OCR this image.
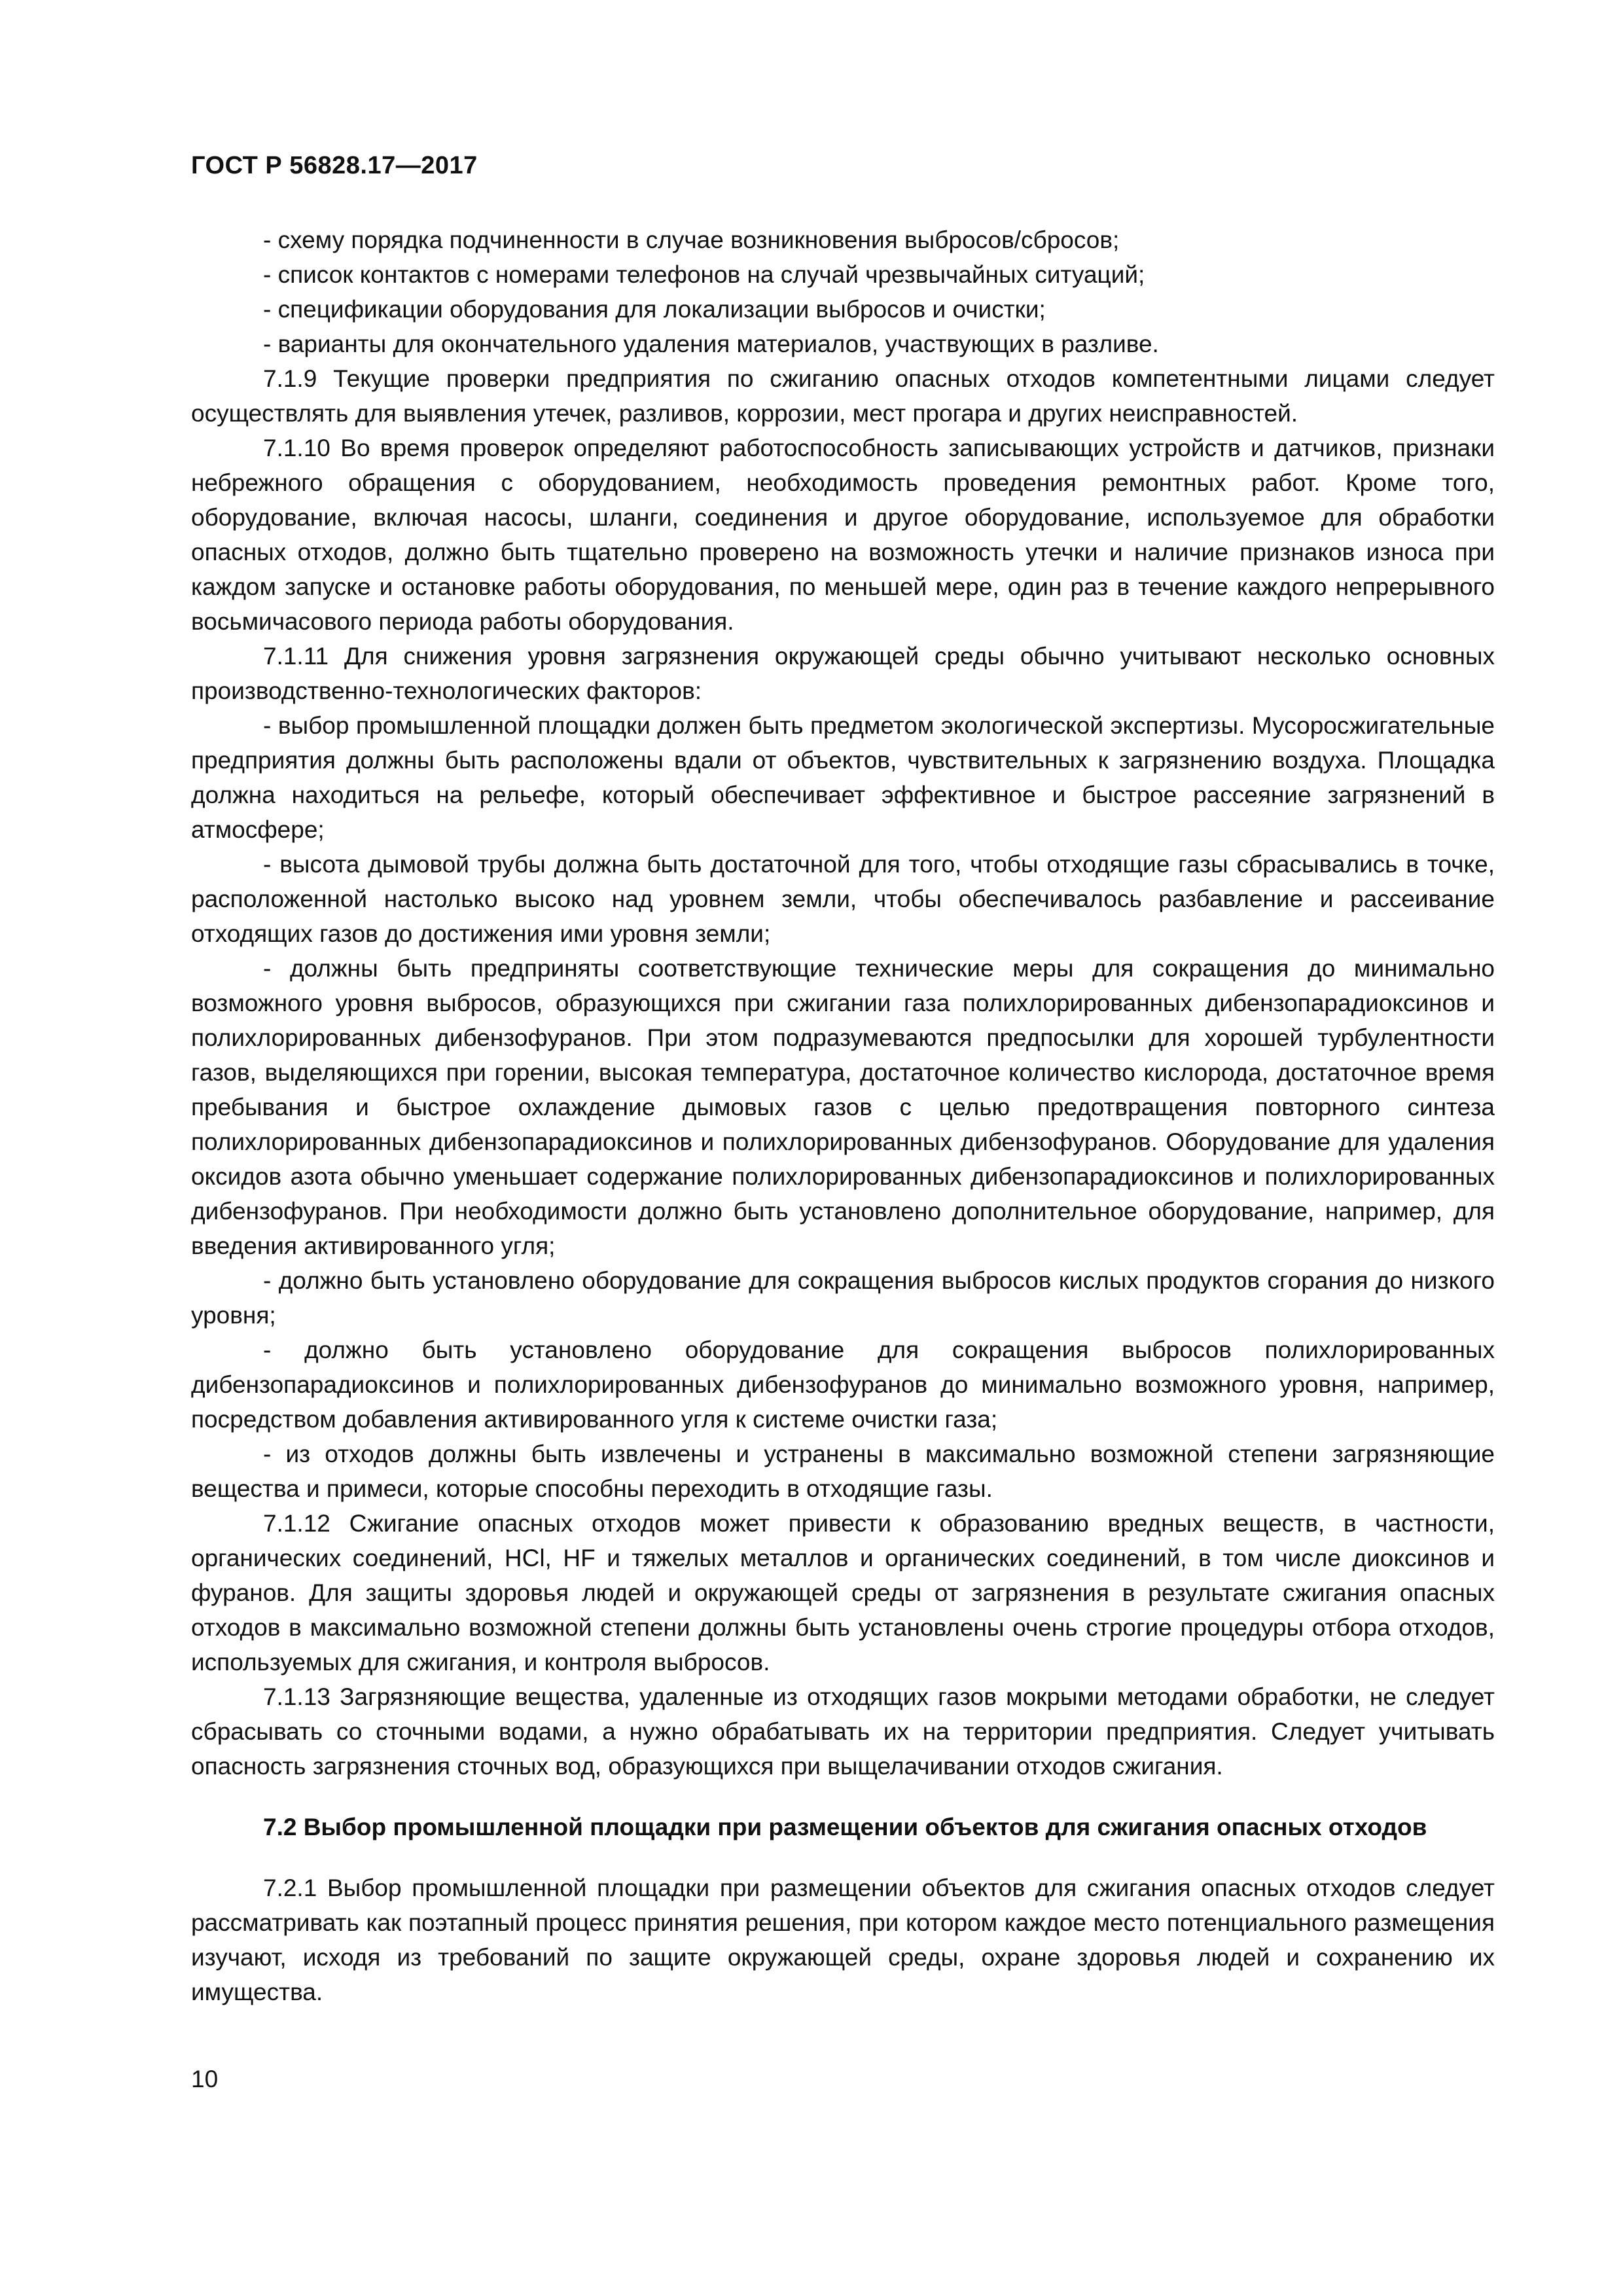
ГОСТ Р 56828.17—2017

- схему порядка подчиненности в случае возникновения выбросов/сбросов;

- список контактов с номерами телефонов на случай чрезвычайных ситуаций;

- спецификации оборудования для локализации выбросов и очистки;

- варианты для окончательного удаления материалов, участвующих в разливе.

7.1.9 Текущие проверки предприятия по сжиганию опасных отходов компетентными лицами следует осуществлять для выявления утечек, разливов, коррозии, мест прогара и других неисправностей.

7.1.10 Во время проверок определяют работоспособность записывающих устройств и датчиков, признаки небрежного обращения с оборудованием, необходимость проведения ремонтных работ. Кроме того, оборудование, включая насосы, шланги, соединения и другое оборудование, используемое для обработки опасных отходов, должно быть тщательно проверено на возможность утечки и наличие признаков износа при каждом запуске и остановке работы оборудования, по меньшей мере, один раз в течение каждого непрерывного восьмичасового периода работы оборудования.

7.1.11 Для снижения уровня загрязнения окружающей среды обычно учитывают несколько основных производственно-технологических факторов:

- выбор промышленной площадки должен быть предметом экологической экспертизы. Мусоросжигательные предприятия должны быть расположены вдали от объектов, чувствительных к загрязнению воздуха. Площадка должна находиться на рельефе, который обеспечивает эффективное и быстрое рассеяние загрязнений в атмосфере;

- высота дымовой трубы должна быть достаточной для того, чтобы отходящие газы сбрасывались в точке, расположенной настолько высоко над уровнем земли, чтобы обеспечивалось разбавление и рассеивание отходящих газов до достижения ими уровня земли;

- должны быть предприняты соответствующие технические меры для сокращения до минимально возможного уровня выбросов, образующихся при сжигании газа полихлорированных дибензопарадиоксинов и полихлорированных дибензофуранов. При этом подразумеваются предпосылки для хорошей турбулентности газов, выделяющихся при горении, высокая температура, достаточное количество кислорода, достаточное время пребывания и быстрое охлаждение дымовых газов с целью предотвращения повторного синтеза полихлорированных дибензопарадиоксинов и полихлорированных дибензофуранов. Оборудование для удаления оксидов азота обычно уменьшает содержание полихлорированных дибензопарадиоксинов и полихлорированных дибензофуранов. При необходимости должно быть установлено дополнительное оборудование, например, для введения активированного угля;

- должно быть установлено оборудование для сокращения выбросов кислых продуктов сгорания до низкого уровня;

- должно быть установлено оборудование для сокращения выбросов полихлорированных дибензопарадиоксинов и полихлорированных дибензофуранов до минимально возможного уровня, например, посредством добавления активированного угля к системе очистки газа;

- из отходов должны быть извлечены и устранены в максимально возможной степени загрязняющие вещества и примеси, которые способны переходить в отходящие газы.

7.1.12 Сжигание опасных отходов может привести к образованию вредных веществ, в частности, органических соединений, HCl, HF и тяжелых металлов и органических соединений, в том числе диоксинов и фуранов. Для защиты здоровья людей и окружающей среды от загрязнения в результате сжигания опасных отходов в максимально возможной степени должны быть установлены очень строгие процедуры отбора отходов, используемых для сжигания, и контроля выбросов.

7.1.13 Загрязняющие вещества, удаленные из отходящих газов мокрыми методами обработки, не следует сбрасывать со сточными водами, а нужно обрабатывать их на территории предприятия. Следует учитывать опасность загрязнения сточных вод, образующихся при выщелачивании отходов сжигания.

7.2 Выбор промышленной площадки при размещении объектов для сжигания опасных отходов

7.2.1 Выбор промышленной площадки при размещении объектов для сжигания опасных отходов следует рассматривать как поэтапный процесс принятия решения, при котором каждое место потенциального размещения изучают, исходя из требований по защите окружающей среды, охране здоровья людей и сохранению их имущества.

10
